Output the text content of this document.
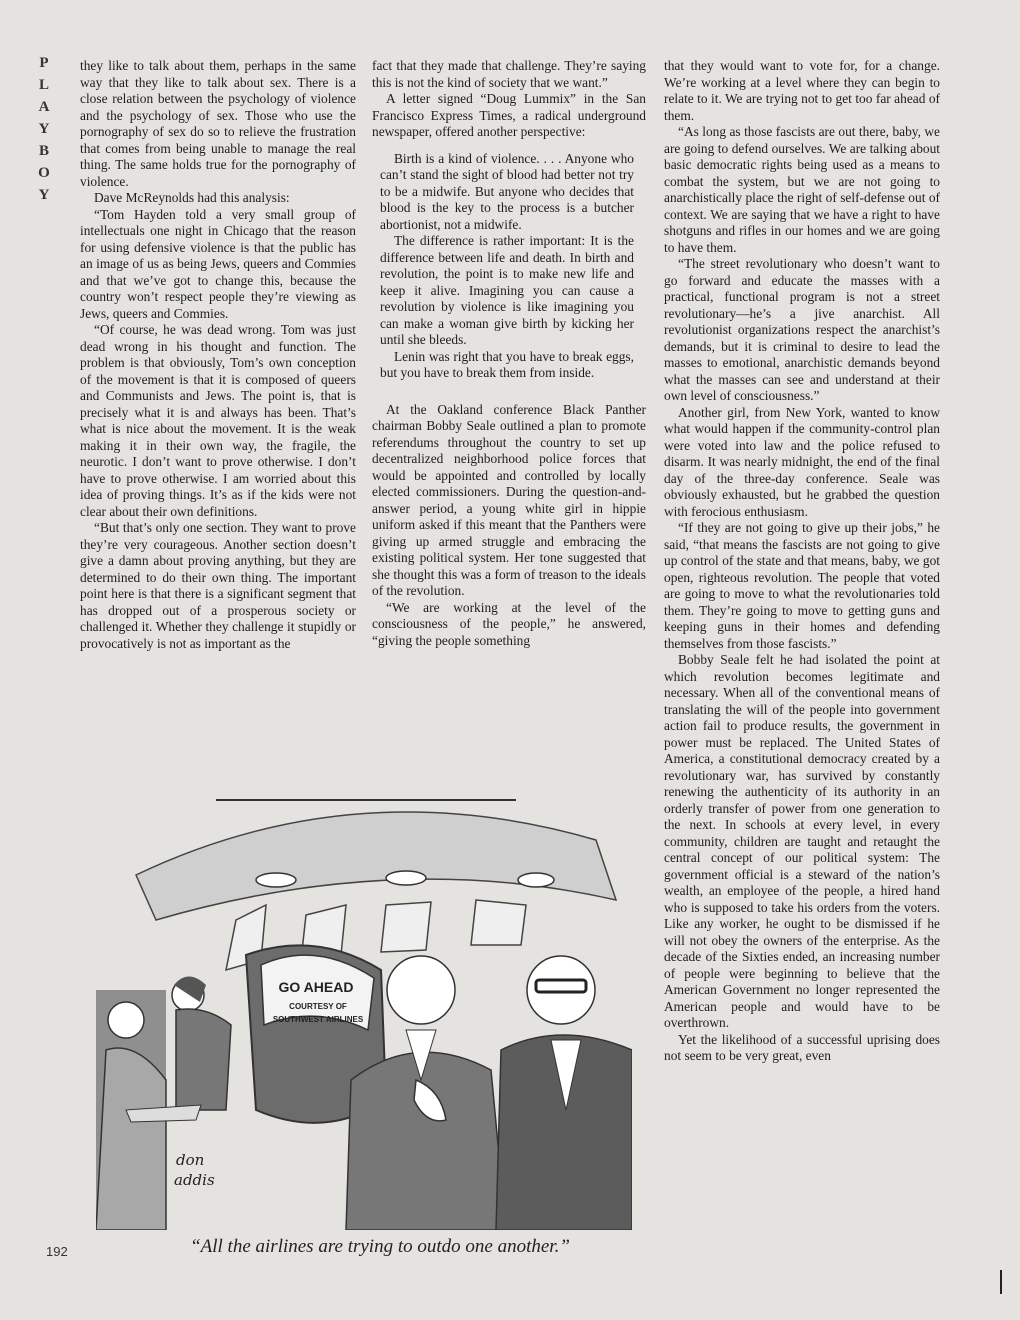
P
L
A
Y
B
O
Y

they like to talk about them, perhaps in the same way that they like to talk about sex. There is a close relation between the psychology of violence and the psychology of sex. Those who use the pornography of sex do so to relieve the frustration that comes from being unable to manage the real thing. The same holds true for the pornography of violence.

Dave McReynolds had this analysis:

“Tom Hayden told a very small group of intellectuals one night in Chicago that the reason for using defensive violence is that the public has an image of us as being Jews, queers and Commies and that we’ve got to change this, because the country won’t respect people they’re viewing as Jews, queers and Commies.

“Of course, he was dead wrong. Tom was just dead wrong in his thought and function. The problem is that obviously, Tom’s own conception of the movement is that it is composed of queers and Communists and Jews. The point is, that is precisely what it is and always has been. That’s what is nice about the movement. It is the weak making it in their own way, the fragile, the neurotic. I don’t want to prove otherwise. I don’t have to prove otherwise. I am worried about this idea of proving things. It’s as if the kids were not clear about their own definitions.

“But that’s only one section. They want to prove they’re very courageous. Another section doesn’t give a damn about proving anything, but they are determined to do their own thing. The important point here is that there is a significant segment that has dropped out of a prosperous society or challenged it. Whether they challenge it stupidly or provocatively is not as important as the

fact that they made that challenge. They’re saying this is not the kind of society that we want.”

A letter signed “Doug Lummix” in the San Francisco Express Times, a radical underground newspaper, offered another perspective:

Birth is a kind of violence. . . . Anyone who can’t stand the sight of blood had better not try to be a midwife. But anyone who decides that blood is the key to the process is a butcher abortionist, not a midwife.

The difference is rather important: It is the difference between life and death. In birth and revolution, the point is to make new life and keep it alive. Imagining you can cause a revolution by violence is like imagining you can make a woman give birth by kicking her until she bleeds.

Lenin was right that you have to break eggs, but you have to break them from inside.

At the Oakland conference Black Panther chairman Bobby Seale outlined a plan to promote referendums throughout the country to set up decentralized neighborhood police forces that would be appointed and controlled by locally elected commissioners. During the question-and-answer period, a young white girl in hippie uniform asked if this meant that the Panthers were giving up armed struggle and embracing the existing political system. Her tone suggested that she thought this was a form of treason to the ideals of the revolution.

“We are working at the level of the consciousness of the people,” he answered, “giving the people something

that they would want to vote for, for a change. We’re working at a level where they can begin to relate to it. We are trying not to get too far ahead of them.

“As long as those fascists are out there, baby, we are going to defend ourselves. We are talking about basic democratic rights being used as a means to combat the system, but we are not going to anarchistically place the right of self-defense out of context. We are saying that we have a right to have shotguns and rifles in our homes and we are going to have them.

“The street revolutionary who doesn’t want to go forward and educate the masses with a practical, functional program is not a street revolutionary—he’s a jive anarchist. All revolutionist organizations respect the anarchist’s demands, but it is criminal to desire to lead the masses to emotional, anarchistic demands beyond what the masses can see and understand at their own level of consciousness.”

Another girl, from New York, wanted to know what would happen if the community-control plan were voted into law and the police refused to disarm. It was nearly midnight, the end of the final day of the three-day conference. Seale was obviously exhausted, but he grabbed the question with ferocious enthusiasm.

“If they are not going to give up their jobs,” he said, “that means the fascists are not going to give up control of the state and that means, baby, we got open, righteous revolution. The people that voted are going to move to what the revolutionaries told them. They’re going to move to getting guns and keeping guns in their homes and defending themselves from those fascists.”

Bobby Seale felt he had isolated the point at which revolution becomes legitimate and necessary. When all of the conventional means of translating the will of the people into government action fail to produce results, the government in power must be replaced. The United States of America, a constitutional democracy created by a revolutionary war, has survived by constantly renewing the authenticity of its authority in an orderly transfer of power from one generation to the next. In schools at every level, in every community, children are taught and retaught the central concept of our political system: The government official is a steward of the nation’s wealth, an employee of the people, a hired hand who is supposed to take his orders from the voters. Like any worker, he ought to be dismissed if he will not obey the owners of the enterprise. As the decade of the Sixties ended, an increasing number of people were beginning to believe that the American Government no longer represented the American people and would have to be overthrown.

Yet the likelihood of a successful uprising does not seem to be very great, even

GO AHEAD
COURTESY OF
SOUTHWEST AIRLINES
don
addis
“All the airlines are trying to outdo one another.”
192
